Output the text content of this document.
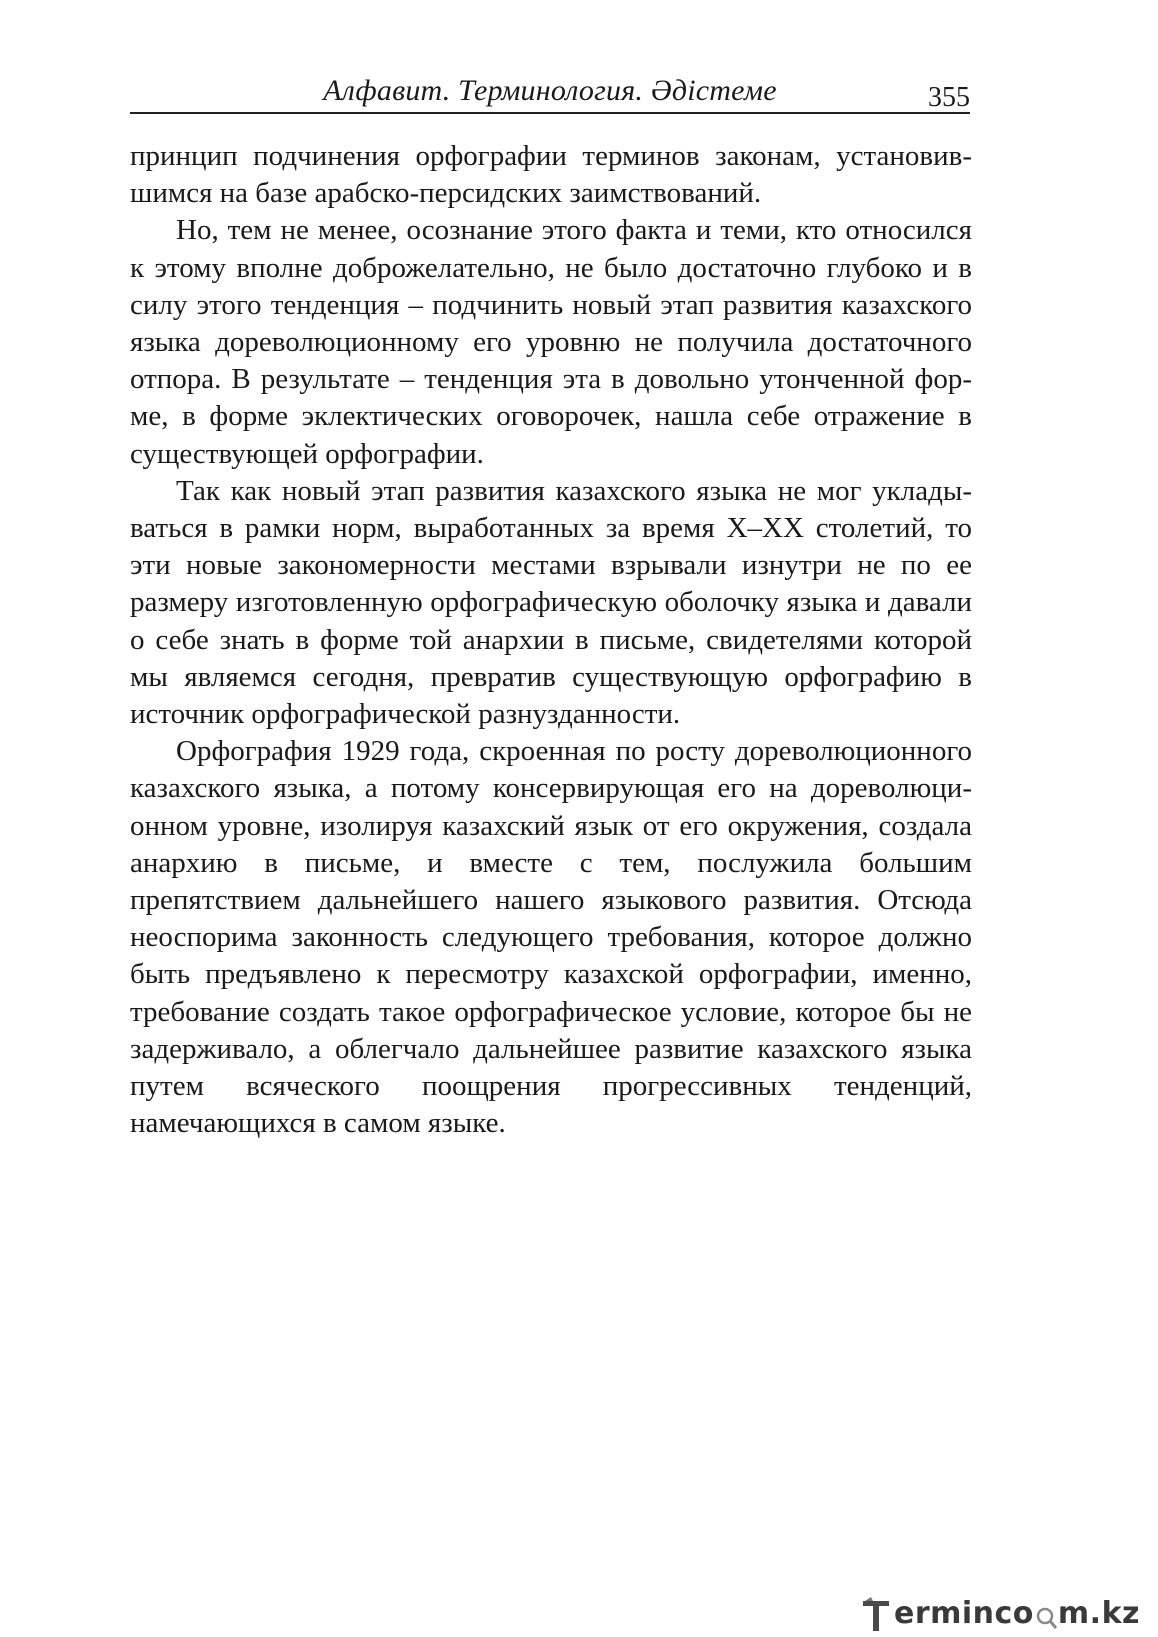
Алфавит. Терминология. Әдістеме	355

принцип подчинения орфографии терминов законам, установившимся на базе арабско-персидских заимствований.

Но, тем не менее, осознание этого факта и теми, кто относился к этому вполне доброжелательно, не было достаточно глубоко и в силу этого тенденция – подчинить новый этап развития казахского языка дореволюционному его уровню не получила достаточного отпора. В результате – тенденция эта в довольно утонченной форме, в форме эклектических оговорочек, нашла себе отражение в существующей орфографии.

Так как новый этап развития казахского языка не мог укладываться в рамки норм, выработанных за время X–XX столетий, то эти новые закономерности местами взрывали изнутри не по ее размеру изготовленную орфографическую оболочку языка и давали о себе знать в форме той анархии в письме, свидетелями которой мы являемся сегодня, превратив существующую орфографию в источник орфографической разнузданности.

Орфография 1929 года, скроенная по росту дореволюционного казахского языка, а потому консервирующая его на дореволюционном уровне, изолируя казахский язык от его окружения, создала анархию в письме, и вместе с тем, послужила большим препятствием дальнейшего нашего языкового развития. Отсюда неоспорима законность следующего требования, которое должно быть предъявлено к пересмотру казахской орфографии, именно, требование создать такое орфографическое условие, которое бы не задерживало, а облегчало дальнейшее развитие казахского языка путем всяческого поощрения прогрессивных тенденций, намечающихся в самом языке.

ermincо m.kz
